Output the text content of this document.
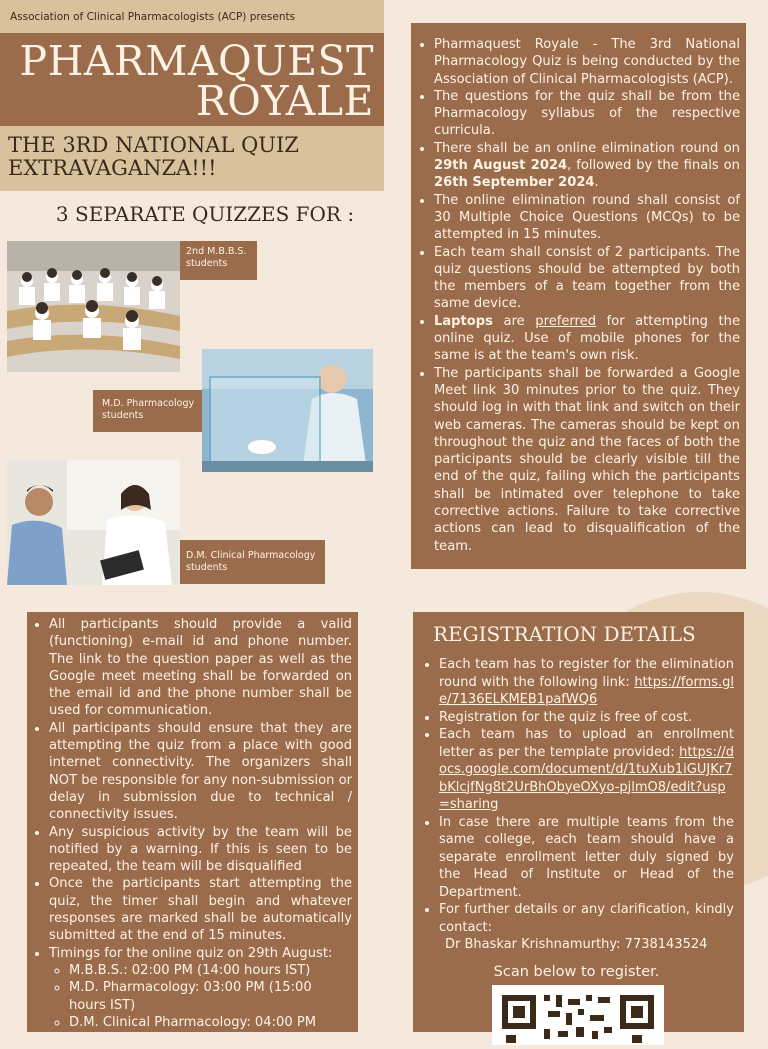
Association of Clinical Pharmacologists (ACP) presents
PHARMAQUEST
ROYALE
THE 3RD NATIONAL QUIZ
EXTRAVAGANZA!!!
3 SEPARATE QUIZZES FOR :
2nd M.B.B.S. students
M.D. Pharmacology students
D.M. Clinical Pharmacology students
• Pharmaquest Royale - The 3rd National Pharmacology Quiz is being conducted by the Association of Clinical Pharmacologists (ACP).
• The questions for the quiz shall be from the Pharmacology syllabus of the respective curricula.
• There shall be an online elimination round on 29th August 2024, followed by the finals on 26th September 2024.
• The online elimination round shall consist of 30 Multiple Choice Questions (MCQs) to be attempted in 15 minutes.
• Each team shall consist of 2 participants. The quiz questions should be attempted by both the members of a team together from the same device.
• Laptops are preferred for attempting the online quiz. Use of mobile phones for the same is at the team's own risk.
• The participants shall be forwarded a Google Meet link 30 minutes prior to the quiz. They should log in with that link and switch on their web cameras. The cameras should be kept on throughout the quiz and the faces of both the participants should be clearly visible till the end of the quiz, failing which the participants shall be intimated over telephone to take corrective actions. Failure to take corrective actions can lead to disqualification of the team.
• All participants should provide a valid (functioning) e-mail id and phone number. The link to the question paper as well as the Google meet meeting shall be forwarded on the email id and the phone number shall be used for communication.
• All participants should ensure that they are attempting the quiz from a place with good internet connectivity. The organizers shall NOT be responsible for any non-submission or delay in submission due to technical / connectivity issues.
• Any suspicious activity by the team will be notified by a warning. If this is seen to be repeated, the team will be disqualified
• Once the participants start attempting the quiz, the timer shall begin and whatever responses are marked shall be automatically submitted at the end of 15 minutes.
• Timings for the online quiz on 29th August:
◦ M.B.B.S.: 02:00 PM (14:00 hours IST)
◦ M.D. Pharmacology: 03:00 PM (15:00 hours IST)
◦ D.M. Clinical Pharmacology: 04:00 PM
REGISTRATION DETAILS
• Each team has to register for the elimination round with the following link: https://forms.gle/7136ELKMEB1pafWQ6
• Registration for the quiz is free of cost.
• Each team has to upload an enrollment letter as per the template provided: https://docs.google.com/document/d/1tuXub1iGUJKr7bKlcjfNg8t2UrBhObyeOXyo-pjlmO8/edit?usp=sharing
• In case there are multiple teams from the same college, each team should have a separate enrollment letter duly signed by the Head of Institute or Head of the Department.
• For further details or any clarification, kindly contact:
Dr Bhaskar Krishnamurthy: 7738143524
Scan below to register.
